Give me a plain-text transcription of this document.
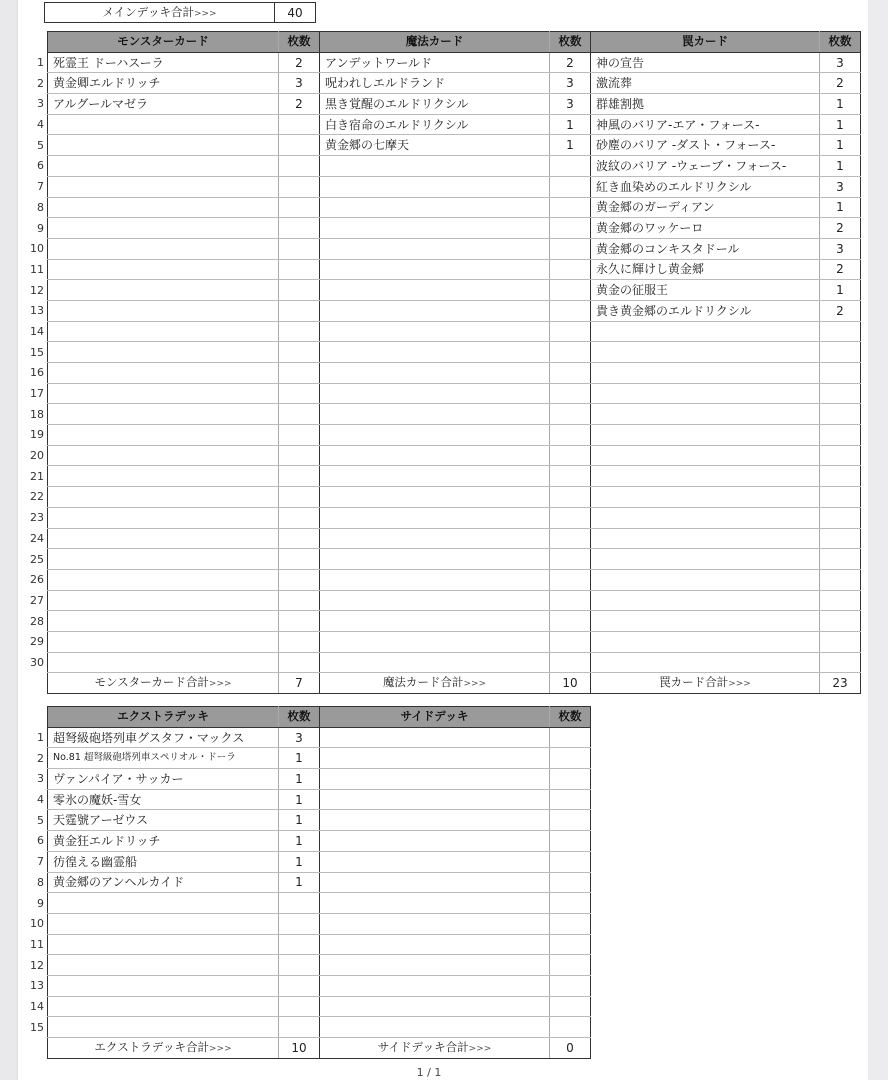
メインデッキ合計>>>	40
	モンスターカード	枚数	魔法カード	枚数	罠カード	枚数
1	死霊王 ドーハスーラ	2	アンデットワールド	2	神の宣告	3
2	黄金卿エルドリッチ	3	呪われしエルドランド	3	激流葬	2
3	アルグールマゼラ	2	黒き覚醒のエルドリクシル	3	群雄割拠	1
4			白き宿命のエルドリクシル	1	神風のバリア-エア・フォース-	1
5			黄金郷の七摩天	1	砂塵のバリア -ダスト・フォース-	1
6					波紋のバリア -ウェーブ・フォース-	1
7					紅き血染めのエルドリクシル	3
8					黄金郷のガーディアン	1
9					黄金郷のワッケーロ	2
10					黄金郷のコンキスタドール	3
11					永久に輝けし黄金郷	2
12					黄金の征服王	1
13					貴き黄金郷のエルドリクシル	2
14						
15						
16						
17						
18						
19						
20						
21						
22						
23						
24						
25						
26						
27						
28						
29						
30						
	モンスターカード合計>>>	7	魔法カード合計>>>	10	罠カード合計>>>	23
	エクストラデッキ	枚数	サイドデッキ	枚数
1	超弩級砲塔列車グスタフ・マックス	3		
2	No.81 超弩級砲塔列車スペリオル・ドーラ	1		
3	ヴァンパイア・サッカー	1		
4	零氷の魔妖-雪女	1		
5	天霆號アーゼウス	1		
6	黄金狂エルドリッチ	1		
7	彷徨える幽霊船	1		
8	黄金郷のアンヘルカイド	1		
9				
10				
11				
12				
13				
14				
15				
	エクストラデッキ合計>>>	10	サイドデッキ合計>>>	0
1 / 1
